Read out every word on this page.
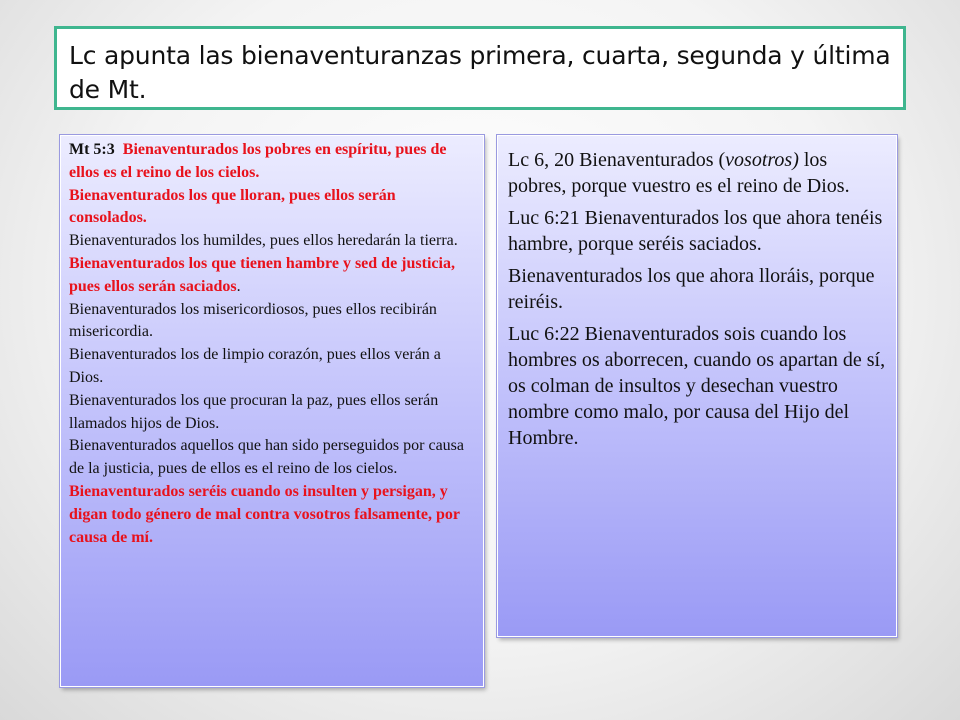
Lc apunta las bienaventuranzas primera, cuarta, segunda y última de Mt.
Mt 5:3 Bienaventurados los pobres en espíritu, pues de ellos es el reino de los cielos.
Bienaventurados los que lloran, pues ellos serán consolados.
Bienaventurados los humildes, pues ellos heredarán la tierra.
Bienaventurados los que tienen hambre y sed de justicia, pues ellos serán saciados.
Bienaventurados los misericordiosos, pues ellos recibirán misericordia.
Bienaventurados los de limpio corazón, pues ellos verán a Dios.
Bienaventurados los que procuran la paz, pues ellos serán llamados hijos de Dios.
Bienaventurados aquellos que han sido perseguidos por causa de la justicia, pues de ellos es el reino de los cielos.
Bienaventurados seréis cuando os insulten y persigan, y digan todo género de mal contra vosotros falsamente, por causa de mí.

Lc 6, 20 Bienaventurados (vosotros) los pobres, porque vuestro es el reino de Dios.

Luc 6:21 Bienaventurados los que ahora tenéis hambre, porque seréis saciados.

Bienaventurados los que ahora lloráis, porque reiréis.

Luc 6:22 Bienaventurados sois cuando los hombres os aborrecen, cuando os apartan de sí, os colman de insultos y desechan vuestro nombre como malo, por causa del Hijo del Hombre.
